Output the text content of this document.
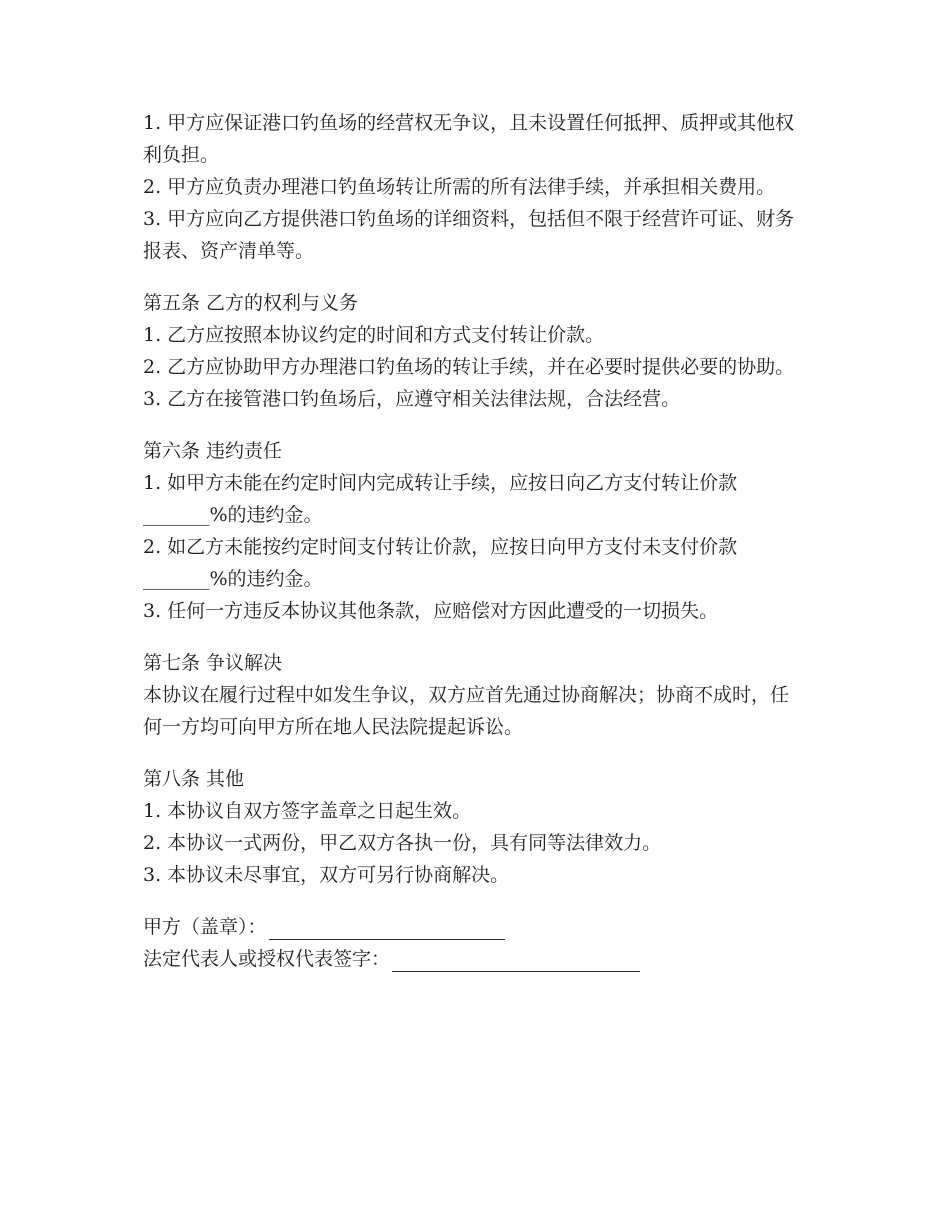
1. 甲方应保证港口钓鱼场的经营权无争议，且未设置任何抵押、质押或其他权利负担。

2. 甲方应负责办理港口钓鱼场转让所需的所有法律手续，并承担相关费用。

3. 甲方应向乙方提供港口钓鱼场的详细资料，包括但不限于经营许可证、财务报表、资产清单等。

第五条 乙方的权利与义务

1. 乙方应按照本协议约定的时间和方式支付转让价款。

2. 乙方应协助甲方办理港口钓鱼场的转让手续，并在必要时提供必要的协助。

3. 乙方在接管港口钓鱼场后，应遵守相关法律法规，合法经营。

第六条 违约责任

1. 如甲方未能在约定时间内完成转让手续，应按日向乙方支付转让价款_______%的违约金。

2. 如乙方未能按约定时间支付转让价款，应按日向甲方支付未支付价款_______%的违约金。

3. 任何一方违反本协议其他条款，应赔偿对方因此遭受的一切损失。

第七条 争议解决

本协议在履行过程中如发生争议，双方应首先通过协商解决；协商不成时，任何一方均可向甲方所在地人民法院提起诉讼。

第八条 其他

1. 本协议自双方签字盖章之日起生效。

2. 本协议一式两份，甲乙双方各执一份，具有同等法律效力。

3. 本协议未尽事宜，双方可另行协商解决。

甲方（盖章）：

法定代表人或授权代表签字：
